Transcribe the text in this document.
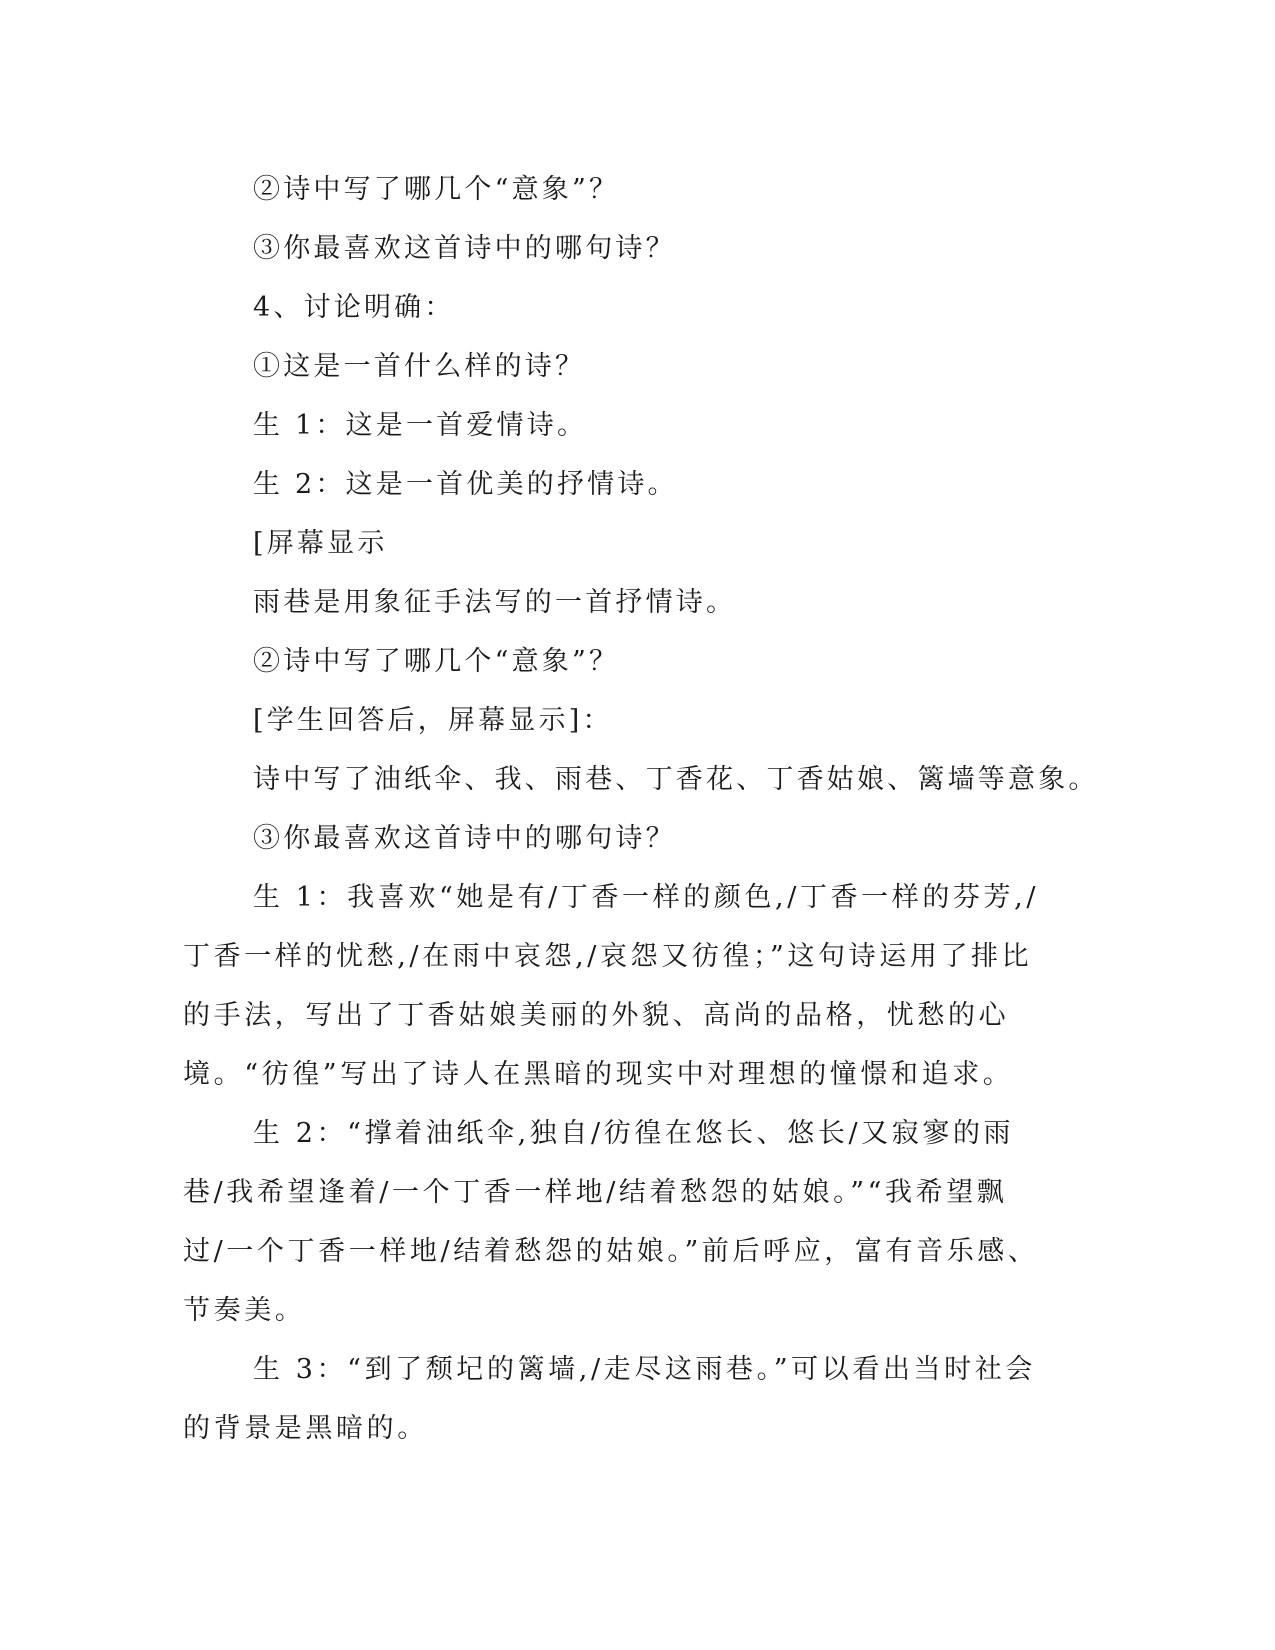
②诗中写了哪几个“意象”？

③你最喜欢这首诗中的哪句诗？

4、讨论明确：

①这是一首什么样的诗？

生 1：这是一首爱情诗。

生 2：这是一首优美的抒情诗。

[屏幕显示

雨巷是用象征手法写的一首抒情诗。

②诗中写了哪几个“意象”？

[学生回答后，屏幕显示]：

诗中写了油纸伞、我、雨巷、丁香花、丁香姑娘、篱墙等意象。

③你最喜欢这首诗中的哪句诗？

生 1：我喜欢“她是有/丁香一样的颜色,/丁香一样的芬芳,/丁香一样的忧愁,/在雨中哀怨,/哀怨又彷徨；”这句诗运用了排比的手法，写出了丁香姑娘美丽的外貌、高尚的品格，忧愁的心境。“彷徨”写出了诗人在黑暗的现实中对理想的憧憬和追求。

生 2：“撑着油纸伞,独自/彷徨在悠长、悠长/又寂寥的雨巷/我希望逢着/一个丁香一样地/结着愁怨的姑娘。”“我希望飘过/一个丁香一样地/结着愁怨的姑娘。”前后呼应，富有音乐感、节奏美。

生 3：“到了颓圮的篱墙,/走尽这雨巷。”可以看出当时社会的背景是黑暗的。
